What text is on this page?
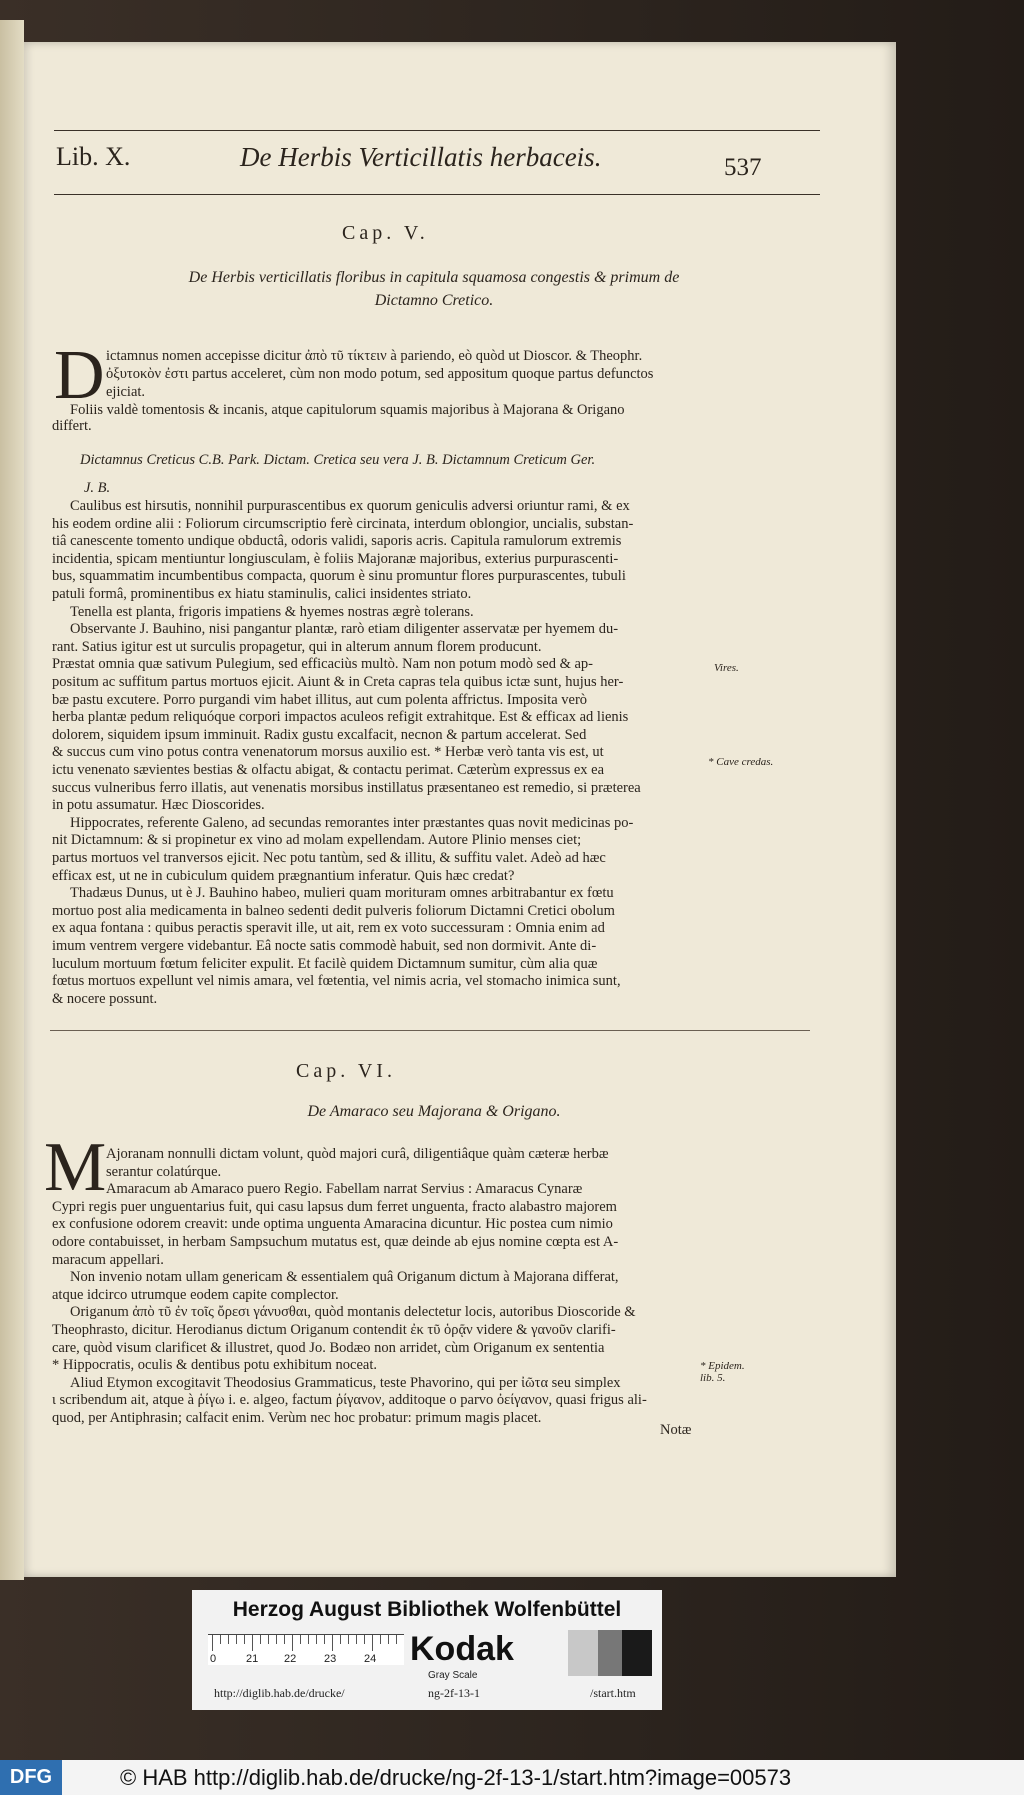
Lib. X.	De Herbis Verticillatis herbaceis.	537
Cap. V.
De Herbis verticillatis floribus in capitula squamosa congestis & primum de
Dictamno Cretico.
D ictamnus nomen accepisse dicitur ἀπὸ τῦ τίκτειν à pariendo, eò quòd ut Dioscor. & Theophr.
ὀξυτοκὸν ἐστι partus acceleret, cùm non modo potum, sed appositum quoque partus defunctos
ejiciat.
Foliis valdè tomentosis & incanis, atque capitulorum squamis majoribus à Majorana & Origano
differt.
Dictamnus Creticus C.B. Park. Dictam. Cretica seu vera J. B. Dictamnum Creticum Ger.
J. B.
Vires.
* Cave credas.
Cap. VI.
De Amaraco seu Majorana & Origano.
M
* Epidem. lib. 5.
Notæ
Caulibus est hirsutis, nonnihil purpurascentibus ex quorum geniculis adversi oriuntur rami, & ex
his eodem ordine alii : Foliorum circumscriptio ferè circinata, interdum oblongior, uncialis, substan-
tiâ canescente tomento undique obductâ, odoris validi, saporis acris. Capitula ramulorum extremis
incidentia, spicam mentiuntur longiusculam, è foliis Majoranæ majoribus, exterius purpurascenti-
bus, squammatim incumbentibus compacta, quorum è sinu promuntur flores purpurascentes, tubuli
patuli formâ, prominentibus ex hiatu staminulis, calici insidentes striato.
Tenella est planta, frigoris impatiens & hyemes nostras ægrè tolerans.
Observante J. Bauhino, nisi pangantur plantæ, rarò etiam diligenter asservatæ per hyemem du-
rant. Satius igitur est ut surculis propagetur, qui in alterum annum florem producunt.
Præstat omnia quæ sativum Pulegium, sed efficaciùs multò. Nam non potum modò sed & ap-
positum ac suffitum partus mortuos ejicit. Aiunt & in Creta capras tela quibus ictæ sunt, hujus her-
bæ pastu excutere. Porro purgandi vim habet illitus, aut cum polenta affrictus. Imposita verò
herba plantæ pedum reliquóque corpori impactos aculeos refigit extrahitque. Est & efficax ad lienis
dolorem, siquidem ipsum imminuit. Radix gustu excalfacit, necnon & partum accelerat. Sed
& succus cum vino potus contra venenatorum morsus auxilio est. * Herbæ verò tanta vis est, ut
ictu venenato sævientes bestias & olfactu abigat, & contactu perimat. Cæterùm expressus ex ea
succus vulneribus ferro illatis, aut venenatis morsibus instillatus præsentaneo est remedio, si præterea
in potu assumatur. Hæc Dioscorides.
Hippocrates, referente Galeno, ad secundas remorantes inter præstantes quas novit medicinas po-
nit Dictamnum: & si propinetur ex vino ad molam expellendam. Autore Plinio menses ciet;
partus mortuos vel tranversos ejicit. Nec potu tantùm, sed & illitu, & suffitu valet. Adeò ad hæc
efficax est, ut ne in cubiculum quidem prægnantium inferatur. Quis hæc credat?
Thadæus Dunus, ut è J. Bauhino habeo, mulieri quam morituram omnes arbitrabantur ex fœtu
mortuo post alia medicamenta in balneo sedenti dedit pulveris foliorum Dictamni Cretici obolum
ex aqua fontana : quibus peractis speravit ille, ut ait, rem ex voto successuram : Omnia enim ad
imum ventrem vergere videbantur. Eâ nocte satis commodè habuit, sed non dormivit. Ante di-
luculum mortuum fœtum feliciter expulit. Et facilè quidem Dictamnum sumitur, cùm alia quæ
fœtus mortuos expellunt vel nimis amara, vel fœtentia, vel nimis acria, vel stomacho inimica sunt,
& nocere possunt.
Ajoranam nonnulli dictam volunt, quòd majori curâ, diligentiâque quàm cæteræ herbæ
serantur colatúrque.
Amaracum ab Amaraco puero Regio. Fabellam narrat Servius : Amaracus Cynaræ
Cypri regis puer unguentarius fuit, qui casu lapsus dum ferret unguenta, fracto alabastro majorem
ex confusione odorem creavit: unde optima unguenta Amaracina dicuntur. Hic postea cum nimio
odore contabuisset, in herbam Sampsuchum mutatus est, quæ deinde ab ejus nomine cœpta est A-
maracum appellari.
Non invenio notam ullam genericam & essentialem quâ Origanum dictum à Majorana differat,
atque idcirco utrumque eodem capite complector.
Origanum ἀπὸ τῦ ἐν τοῖς ὄρεσι γάνυσθαι, quòd montanis delectetur locis, autoribus Dioscoride &
Theophrasto, dicitur. Herodianus dictum Origanum contendit ἐκ τῦ ὁρᾷν videre & γανοῦν clarifi-
care, quòd visum clarificet & illustret, quod Jo. Bodæo non arridet, cùm Origanum ex sententia
* Hippocratis, oculis & dentibus potu exhibitum noceat.
Aliud Etymon excogitavit Theodosius Grammaticus, teste Phavorino, qui per ἰῶτα seu simplex
ι scribendum ait, atque à ῥίγω i. e. algeo, factum ῥίγανον, additoque ο parvo ὀείγανον, quasi frigus ali-
quod, per Antiphrasin; calfacit enim. Verùm nec hoc probatur: primum magis placet.
Herzog August Bibliothek Wolfenbüttel
0	21 22	23	24 Kodak
Gray Scale
http://diglib.hab.de/drucke/	ng-2f-13-1	/start.htm
DFG	© HAB http://diglib.hab.de/drucke/ng-2f-13-1/start.htm?image=00573
